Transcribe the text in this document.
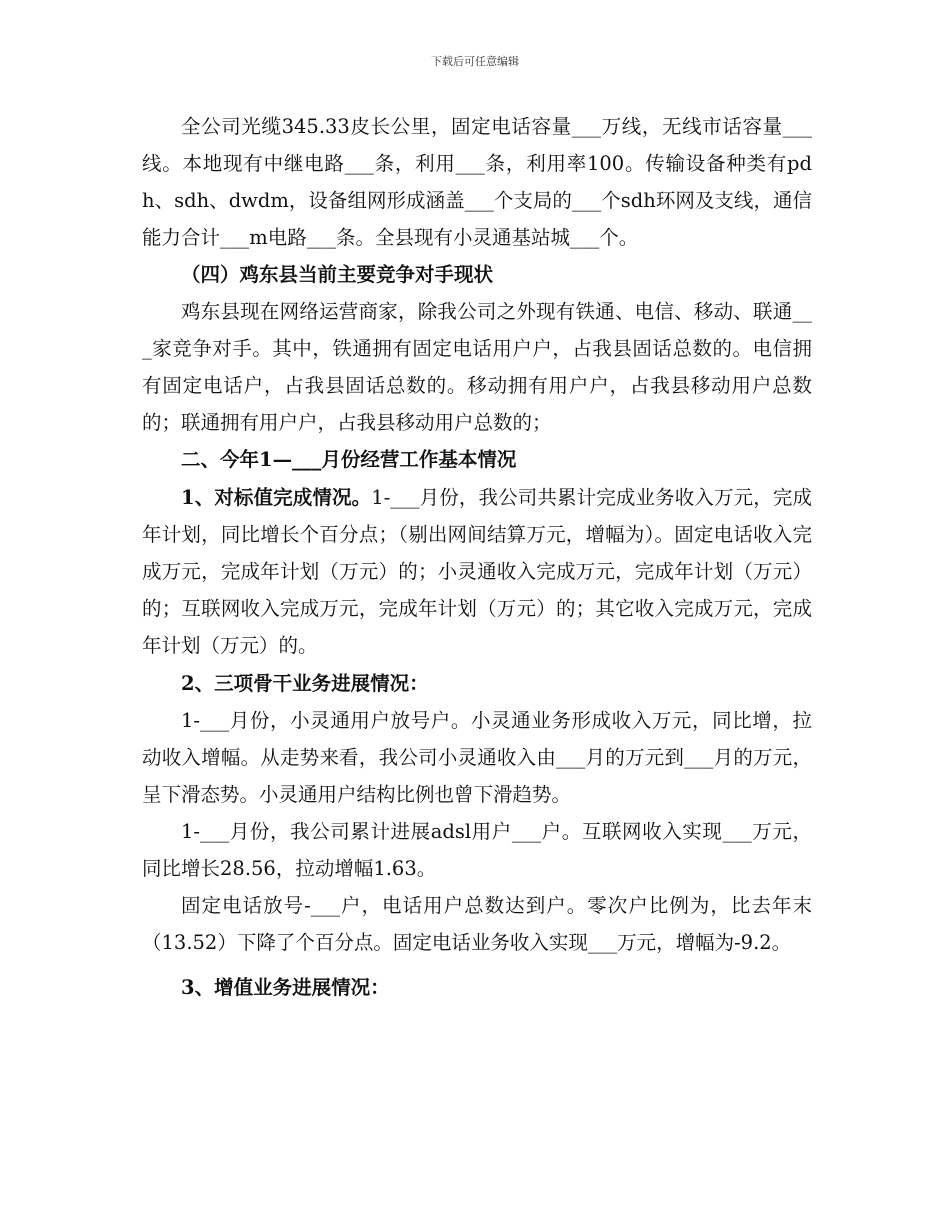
下载后可任意编辑

全公司光缆345.33皮长公里，固定电话容量___万线，无线市话容量___线。本地现有中继电路___条，利用___条，利用率100。传输设备种类有pdh、sdh、dwdm，设备组网形成涵盖___个支局的___个sdh环网及支线，通信能力合计___m电路___条。全县现有小灵通基站城___个。

（四）鸡东县当前主要竞争对手现状

鸡东县现在网络运营商家，除我公司之外现有铁通、电信、移动、联通___家竞争对手。其中，铁通拥有固定电话用户户，占我县固话总数的。电信拥有固定电话户，占我县固话总数的。移动拥有用户户，占我县移动用户总数的；联通拥有用户户，占我县移动用户总数的；

二、今年1—___月份经营工作基本情况

1、对标值完成情况。1-___月份，我公司共累计完成业务收入万元，完成年计划，同比增长个百分点；（剔出网间结算万元，增幅为）。固定电话收入完成万元，完成年计划（万元）的；小灵通收入完成万元，完成年计划（万元）的；互联网收入完成万元，完成年计划（万元）的；其它收入完成万元，完成年计划（万元）的。

2、三项骨干业务进展情况：

1-___月份，小灵通用户放号户。小灵通业务形成收入万元，同比增，拉动收入增幅。从走势来看，我公司小灵通收入由___月的万元到___月的万元，呈下滑态势。小灵通用户结构比例也曾下滑趋势。

1-___月份，我公司累计进展adsl用户___户。互联网收入实现___万元，同比增长28.56，拉动增幅1.63。

固定电话放号-___户，电话用户总数达到户。零次户比例为，比去年末（13.52）下降了个百分点。固定电话业务收入实现___万元，增幅为-9.2。

3、增值业务进展情况：
